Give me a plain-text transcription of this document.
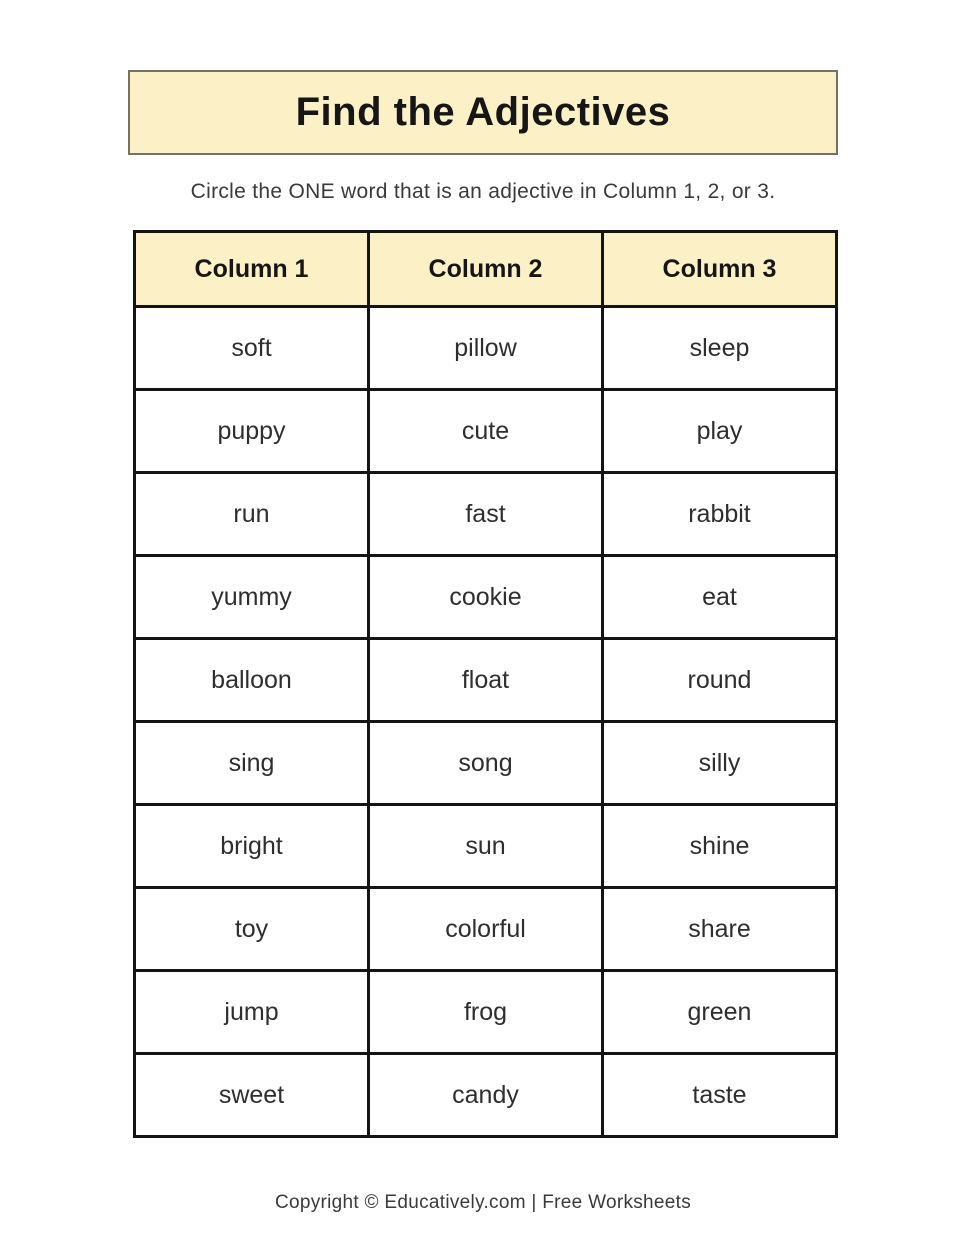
Find the Adjectives

Circle the ONE word that is an adjective in Column 1, 2, or 3.

Column 1	Column 2	Column 3
soft	pillow	sleep
puppy	cute	play
run	fast	rabbit
yummy	cookie	eat
balloon	float	round
sing	song	silly
bright	sun	shine
toy	colorful	share
jump	frog	green
sweet	candy	taste

Copyright © Educatively.com | Free Worksheets
